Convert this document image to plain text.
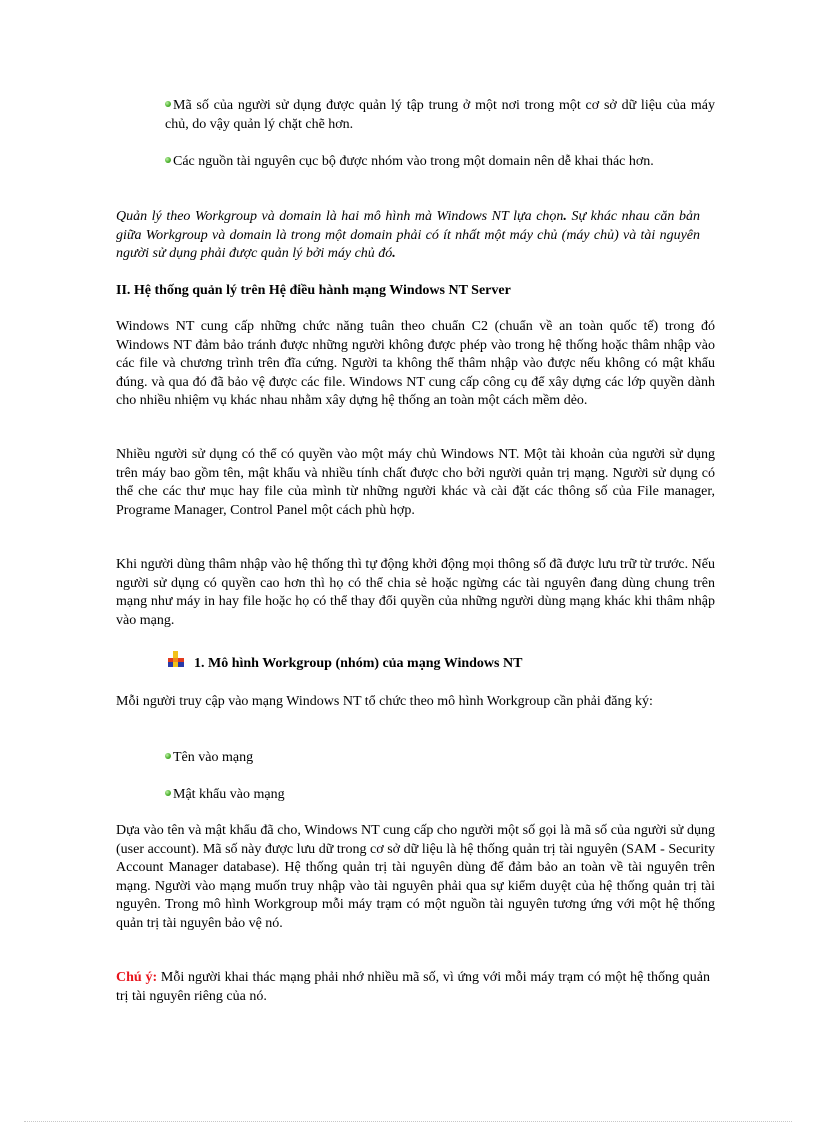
Mã số của người sử dụng được quản lý tập trung ở một nơi trong một cơ sở dữ liệu của máy chủ, do vậy quản lý chặt chẽ hơn.

Các nguồn tài nguyên cục bộ được nhóm vào trong một domain nên dễ khai thác hơn.

Quản lý theo Workgroup và domain là hai mô hình mà Windows NT lựa chọn. Sự khác nhau căn bản giữa Workgroup và domain là trong một domain phải có ít nhất một máy chủ (máy chủ) và tài nguyên người sử dụng phải được quản lý bởi máy chủ đó.

II. Hệ thống quản lý trên Hệ điều hành mạng Windows NT Server

Windows NT cung cấp những chức năng tuân theo chuẩn C2 (chuẩn về an toàn quốc tế) trong đó Windows NT đảm bảo tránh được những người không được phép vào trong hệ thống hoặc thâm nhập vào các file và chương trình trên đĩa cứng. Người ta không thể thâm nhập vào được nếu không có mật khẩu đúng. và qua đó đã bảo vệ được các file. Windows NT cung cấp công cụ để xây dựng các lớp quyền dành cho nhiều nhiệm vụ khác nhau nhằm xây dựng hệ thống an toàn một cách mềm dẻo.

Nhiều người sử dụng có thể có quyền vào một máy chủ Windows NT. Một tài khoản của người sử dụng trên máy bao gồm tên, mật khẩu và nhiều tính chất được cho bởi người quản trị mạng. Người sử dụng có thể che các thư mục hay file của mình từ những người khác và cài đặt các thông số của File manager, Programe Manager, Control Panel một cách phù hợp.

Khi người dùng thâm nhập vào hệ thống thì tự động khởi động mọi thông số đã được lưu trữ từ trước. Nếu người sử dụng có quyền cao hơn thì họ có thể chia sẻ hoặc ngừng các tài nguyên đang dùng chung trên mạng như máy in hay file hoặc họ có thể thay đổi quyền của những người dùng mạng khác khi thâm nhập vào mạng.

1. Mô hình Workgroup (nhóm) của mạng Windows NT

Mỗi người truy cập vào mạng Windows NT tổ chức theo mô hình Workgroup cần phải đăng ký:

Tên vào mạng

Mật khẩu vào mạng

Dựa vào tên và mật khẩu đã cho, Windows NT cung cấp cho người một số gọi là mã số của người sử dụng (user account). Mã số này được lưu dữ trong cơ sở dữ liệu là hệ thống quản trị tài nguyên (SAM - Security Account Manager database). Hệ thống quản trị tài nguyên dùng để đảm bảo an toàn về tài nguyên trên mạng. Người vào mạng muốn truy nhập vào tài nguyên phải qua sự kiểm duyệt của hệ thống quản trị tài nguyên. Trong mô hình Workgroup mỗi máy trạm có một nguồn tài nguyên tương ứng với một hệ thống quản trị tài nguyên bảo vệ nó.

Chú ý: Mỗi người khai thác mạng phải nhớ nhiều mã số, vì ứng với mỗi máy trạm có một hệ thống quản trị tài nguyên riêng của nó.
